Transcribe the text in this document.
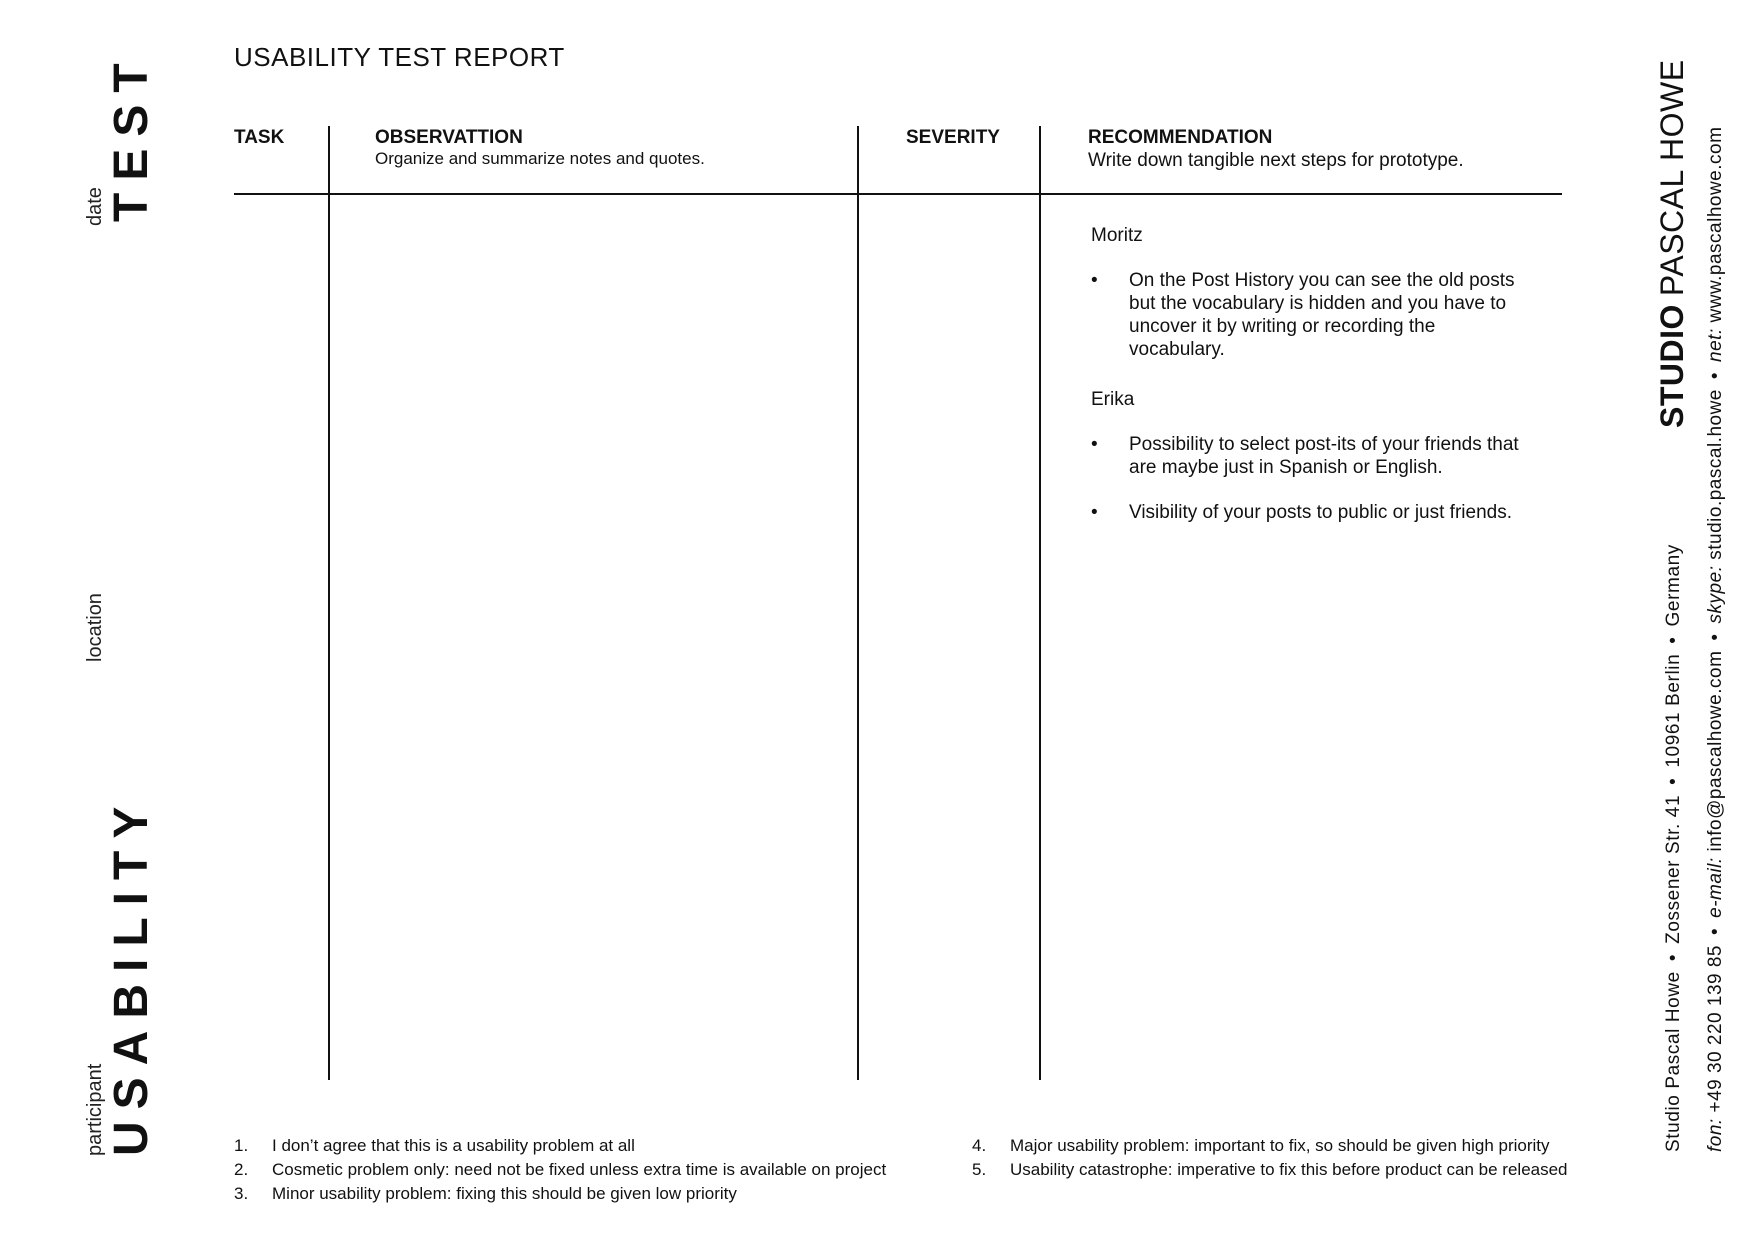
TEST
date
location
participant USABILITY
USABILITY TEST REPORT
TASK	OBSERVATTION
Organize and summarize notes and quotes.
SEVERITY	RECOMMENDATION
Write down tangible next steps for prototype.

Moritz

• On the Post History you can see the old posts but the vocabulary is hidden and you have to uncover it by writing or recording the vocabulary.

Erika

• Possibility to select post-its of your friends that are maybe just in Spanish or English.
• Visibility of your posts to public or just friends.
1. I don’t agree that this is a usability problem at all
2. Cosmetic problem only: need not be fixed unless extra time is available on project
3. Minor usability problem: fixing this should be given low priority
4. Major usability problem: important to fix, so should be given high priority
5. Usability catastrophe: imperative to fix this before product can be released
STUDIOPASCAL HOWE
Studio Pascal Howe•Zossener Str. 41•10961 Berlin•Germany
fon: +49 30 220 139 85•e-mail: info@pascalhowe.com•skype: studio.pascal.howe•net: www.pascalhowe.com
